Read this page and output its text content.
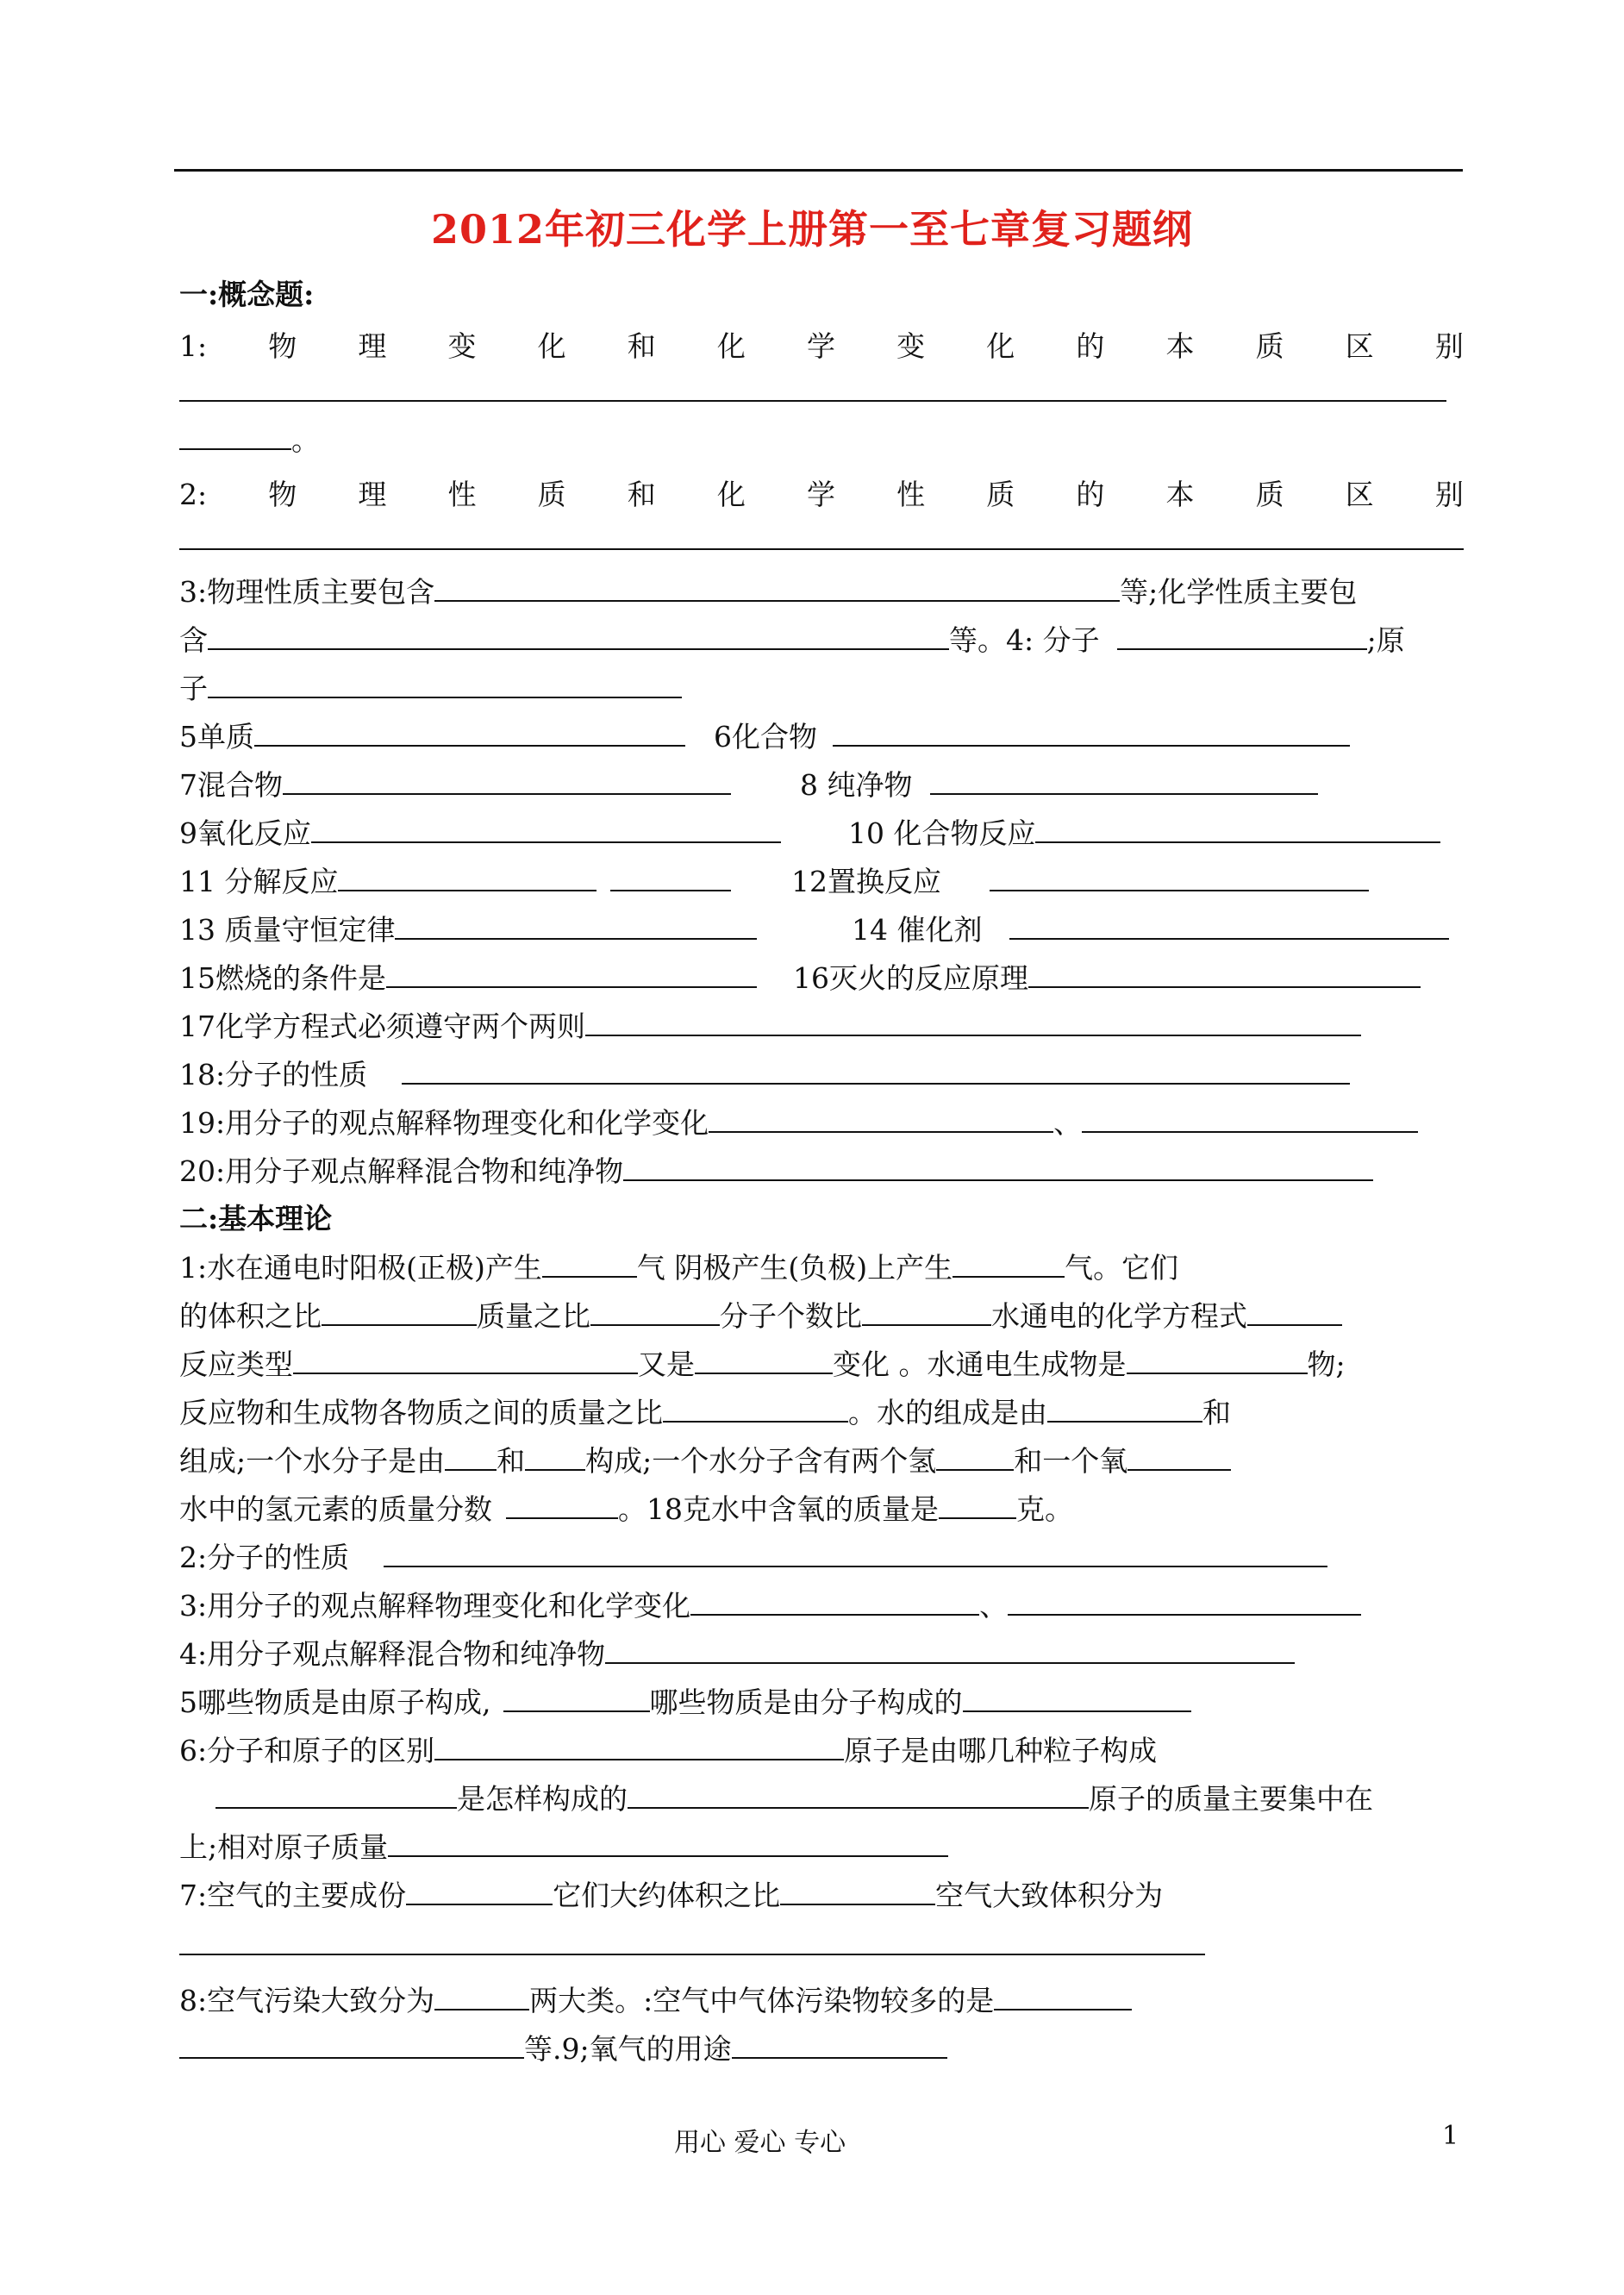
2012年初三化学上册第一至七章复习题纲
一:概念题:
1: 物 理 变 化 和 化 学 变 化 的 本 质 区 别
。
2: 物 理 性 质 和 化 学 性 质 的 本 质 区 别
3:物理性质主要包含	等;化学性质主要包
含	等。4: 分子	;原
子
5单质	6化合物
7混合物	8 纯净物
9氧化反应	10 化合物反应
11 分解反应	12置换反应
13 质量守恒定律	14 催化剂
15燃烧的条件是	16灭火的反应原理
17化学方程式必须遵守两个两则
18:分子的性质
19:用分子的观点解释物理变化和化学变化	、
20:用分子观点解释混合物和纯净物
二:基本理论
1:水在通电时阳极(正极)产生	气 阴极产生(负极)上产生	气。它们
的体积之比	质量之比	分子个数比	水通电的化学方程式
反应类型	又是	变化 。水通电生成物是	物;
反应物和生成物各物质之间的质量之比	。水的组成是由	和
组成;一个水分子是由 和 构成;一个水分子含有两个氢	和一个氧
水中的氢元素的质量分数	。18克水中含氧的质量是	克。
2:分子的性质
3:用分子的观点解释物理变化和化学变化	、
4:用分子观点解释混合物和纯净物
5哪些物质是由原子构成,	哪些物质是由分子构成的
6:分子和原子的区别	原子是由哪几种粒子构成
是怎样构成的	原子的质量主要集中在
上;相对原子质量
7:空气的主要成份	它们大约体积之比	空气大致体积分为
8:空气污染大致分为	两大类。:空气中气体污染物较多的是
等.9;氧气的用途
用心 爱心 专心	1
